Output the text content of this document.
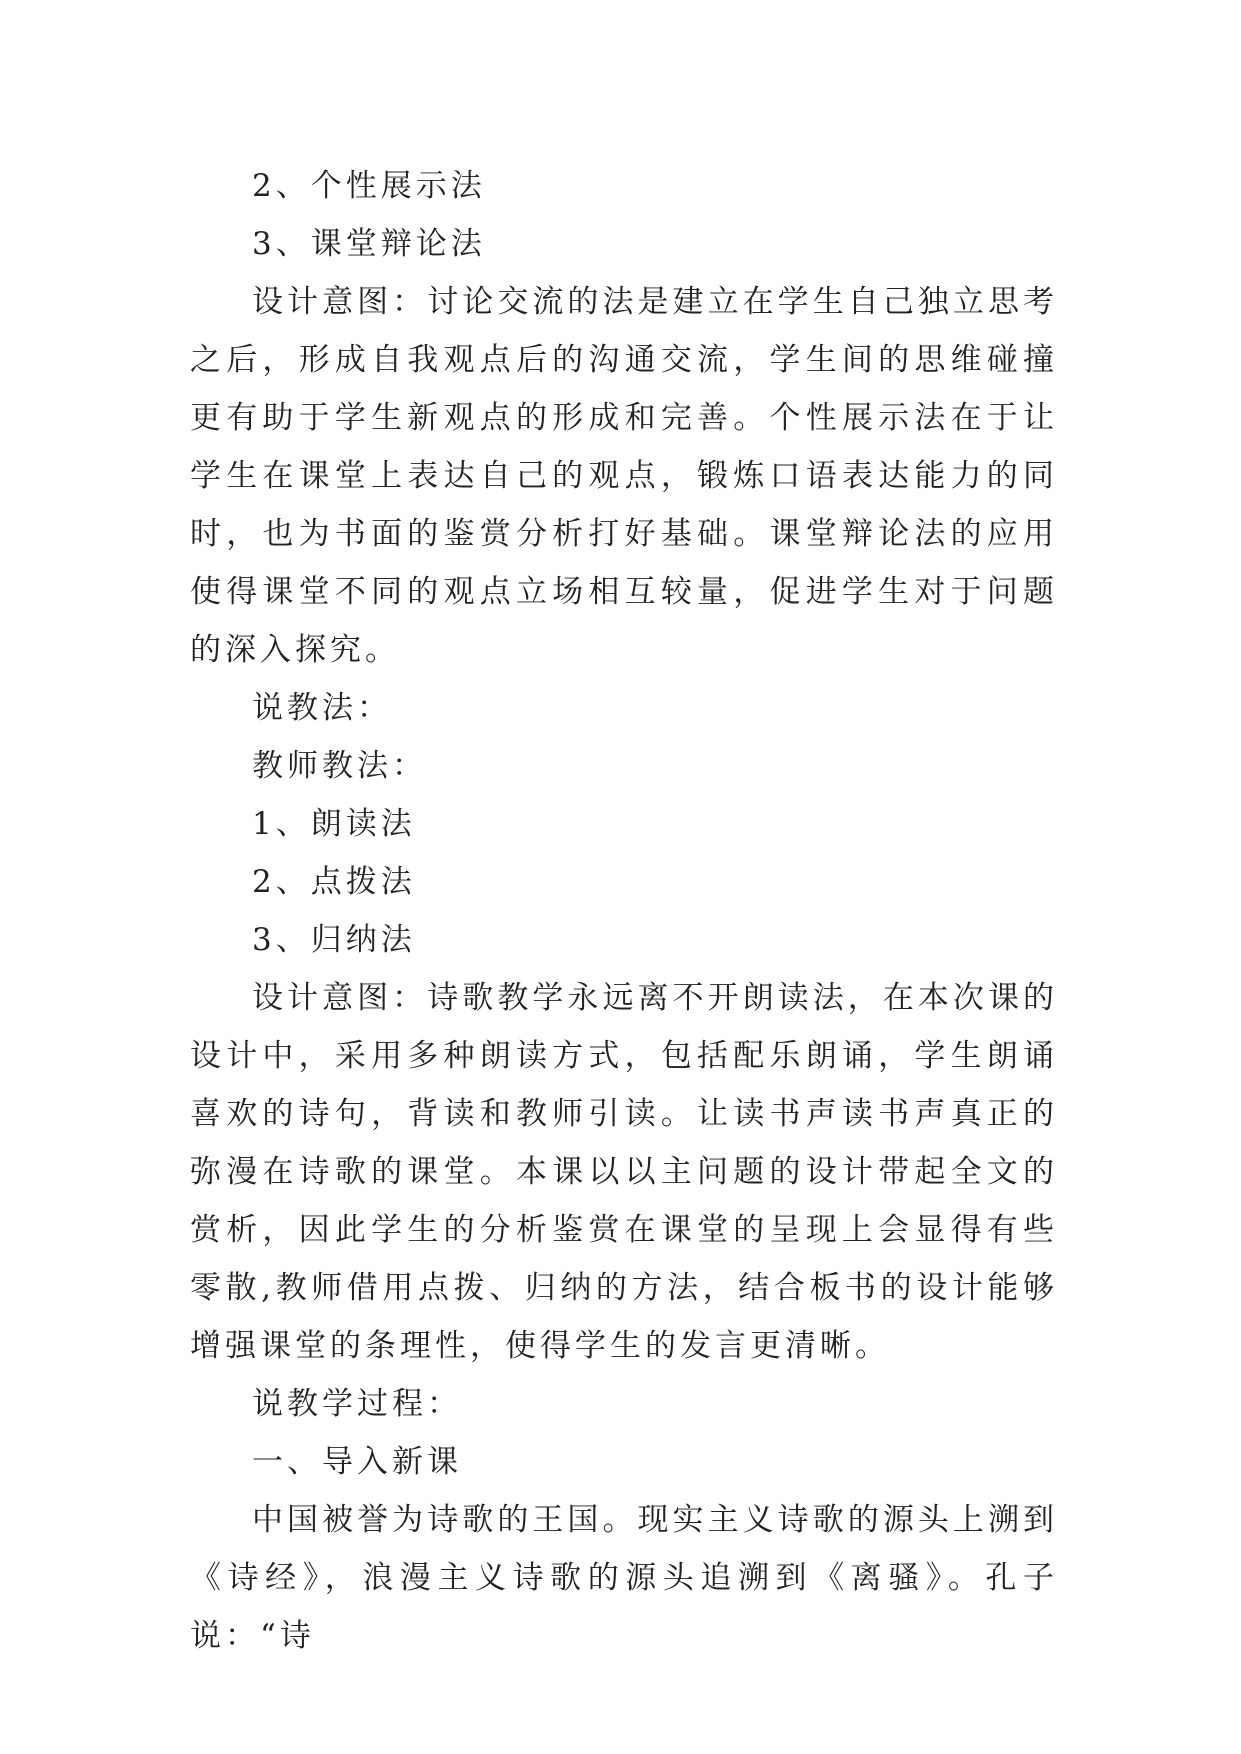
2、个性展示法

3、课堂辩论法

设计意图：讨论交流的法是建立在学生自己独立思考之后，形成自我观点后的沟通交流，学生间的思维碰撞更有助于学生新观点的形成和完善。个性展示法在于让学生在课堂上表达自己的观点，锻炼口语表达能力的同时，也为书面的鉴赏分析打好基础。课堂辩论法的应用使得课堂不同的观点立场相互较量，促进学生对于问题的深入探究。

说教法：

教师教法：

1、朗读法

2、点拨法

3、归纳法

设计意图：诗歌教学永远离不开朗读法，在本次课的设计中，采用多种朗读方式，包括配乐朗诵，学生朗诵喜欢的诗句，背读和教师引读。让读书声读书声真正的弥漫在诗歌的课堂。本课以以主问题的设计带起全文的赏析，因此学生的分析鉴赏在课堂的呈现上会显得有些零散,教师借用点拨、归纳的方法，结合板书的设计能够增强课堂的条理性，使得学生的发言更清晰。

说教学过程：

一、导入新课

中国被誉为诗歌的王国。现实主义诗歌的源头上溯到《诗经》，浪漫主义诗歌的源头追溯到《离骚》。孔子说：“诗
